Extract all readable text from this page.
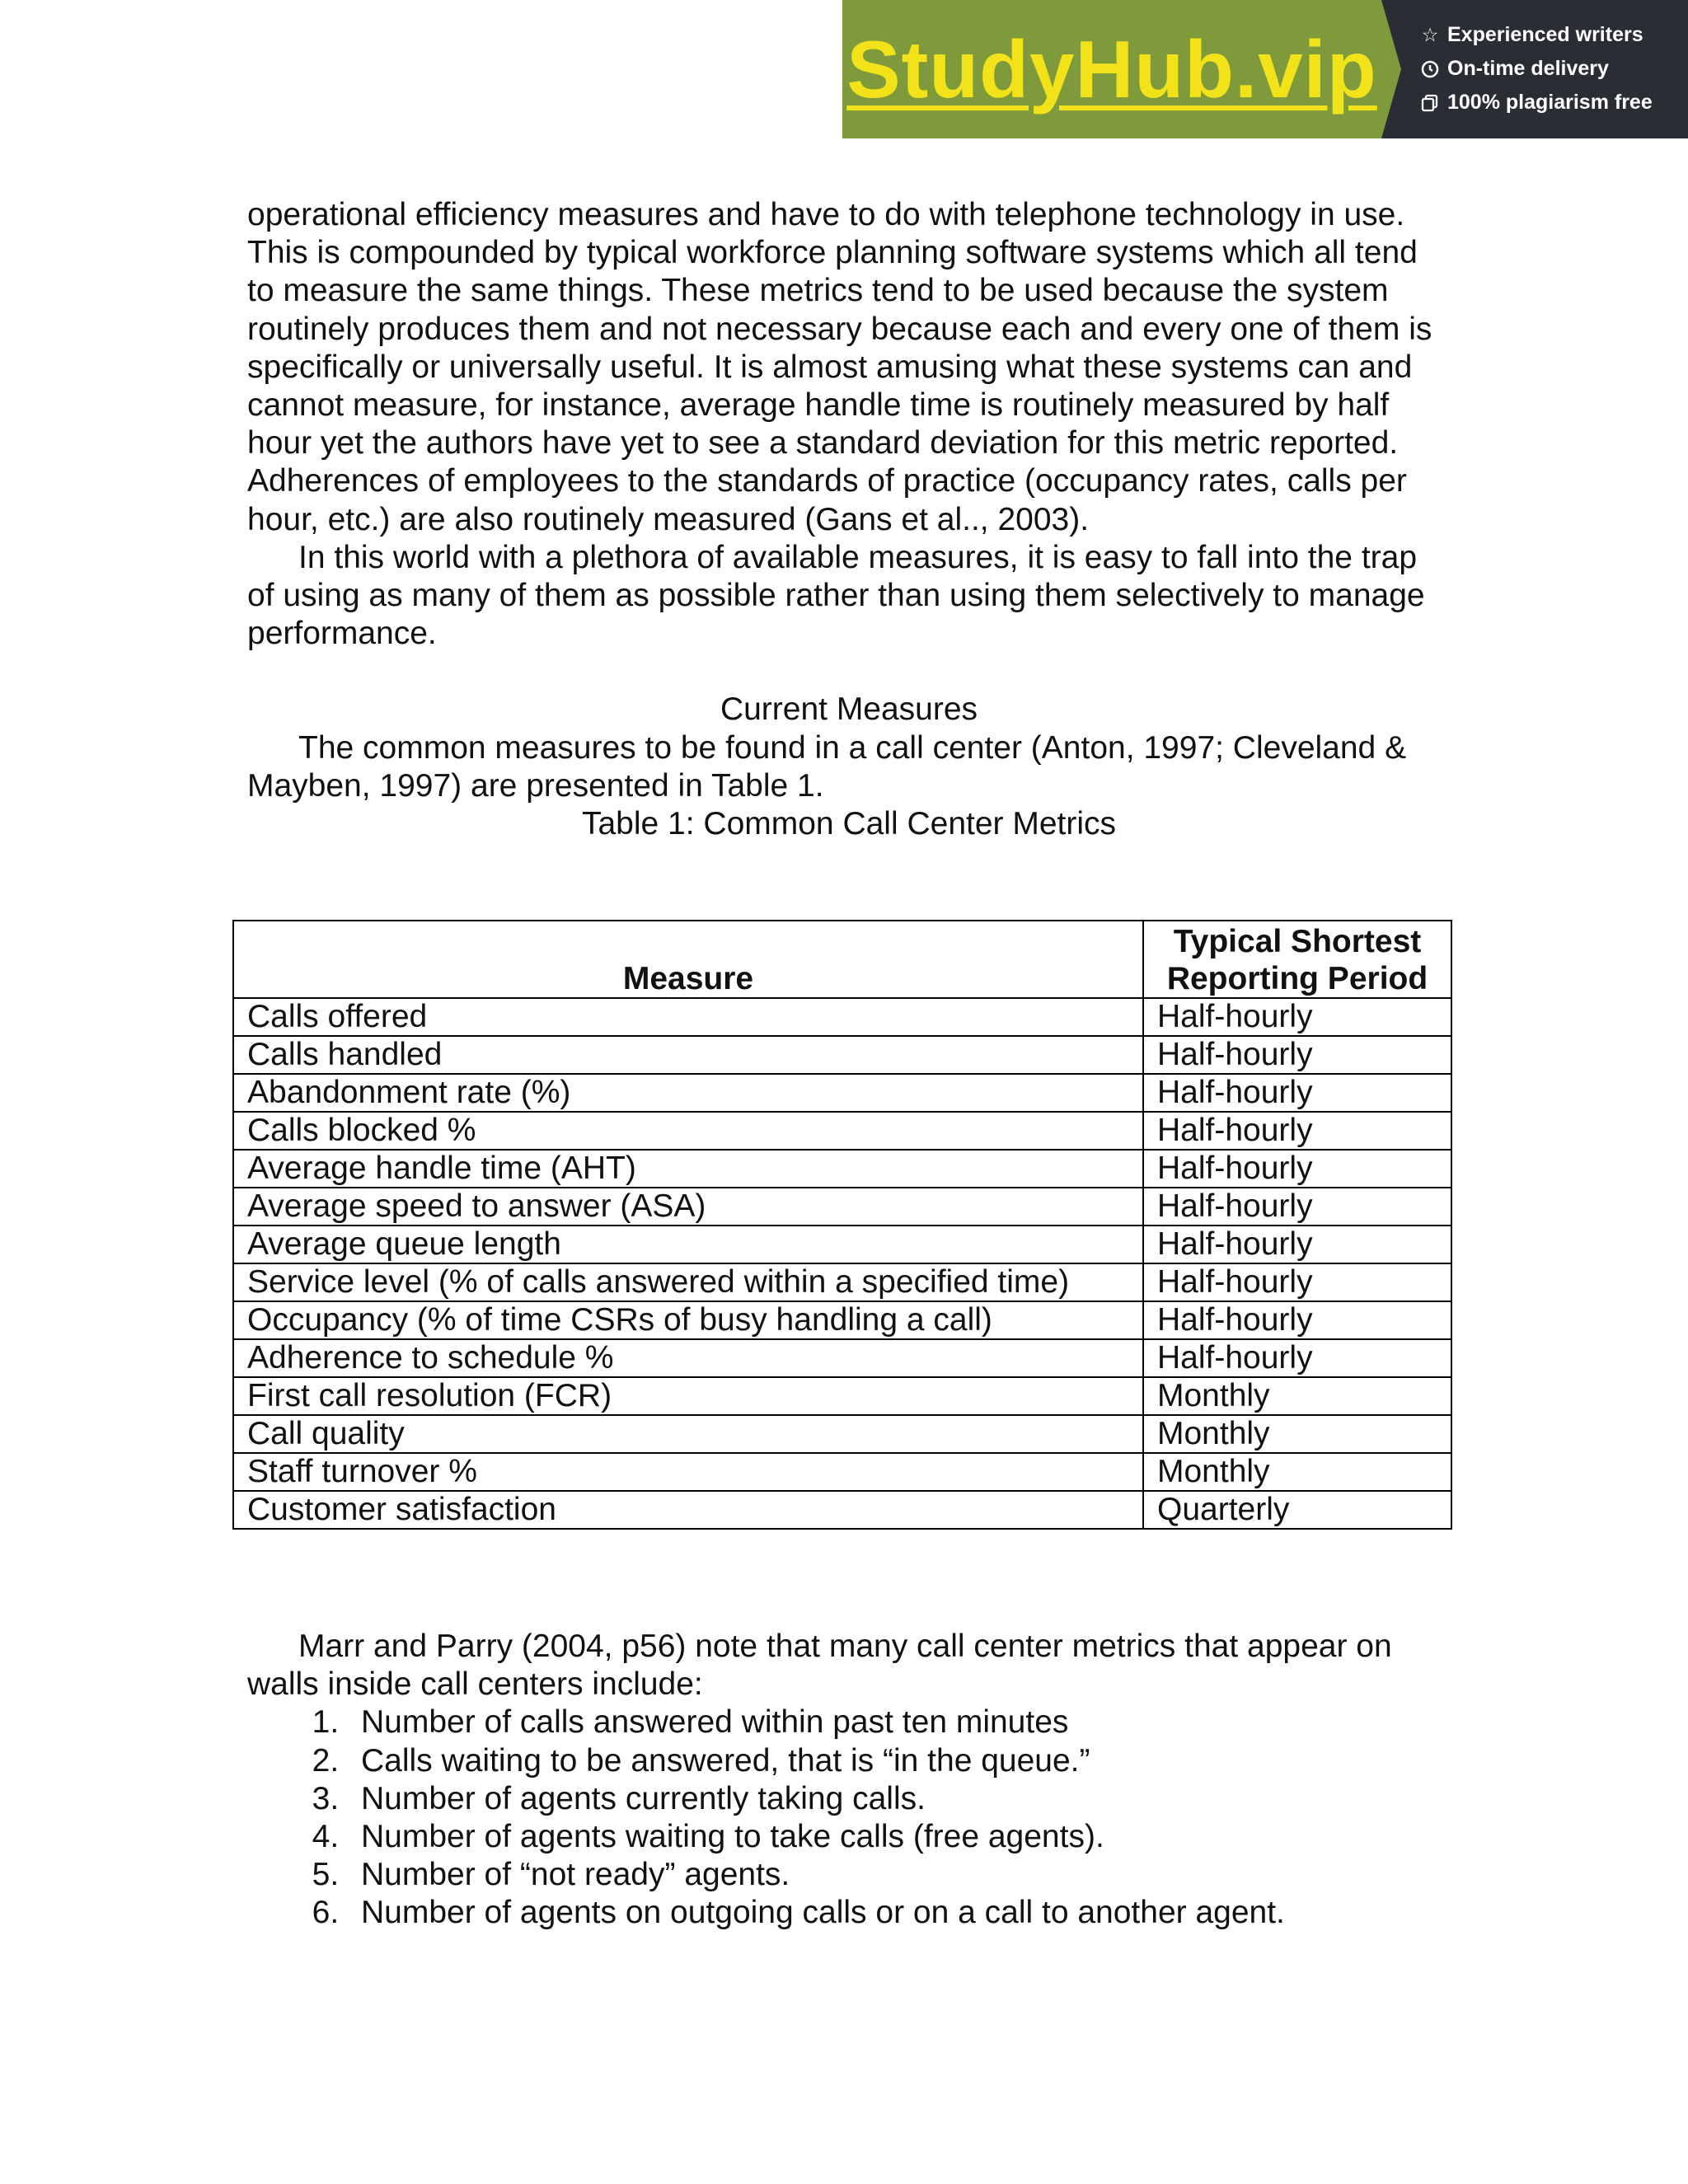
StudyHub.vip ☆ Experienced writers
On-time delivery
100% plagiarism free

operational efficiency measures and have to do with telephone technology in use. This is compounded by typical workforce planning software systems which all tend to measure the same things. These metrics tend to be used because the system routinely produces them and not necessary because each and every one of them is specifically or universally useful. It is almost amusing what these systems can and cannot measure, for instance, average handle time is routinely measured by half hour yet the authors have yet to see a standard deviation for this metric reported. Adherences of employees to the standards of practice (occupancy rates, calls per hour, etc.) are also routinely measured (Gans et al.., 2003).

In this world with a plethora of available measures, it is easy to fall into the trap of using as many of them as possible rather than using them selectively to manage performance.

Current Measures

The common measures to be found in a call center (Anton, 1997; Cleveland & Mayben, 1997) are presented in Table 1.

Table 1: Common Call Center Metrics

Measure	Typical Shortest Reporting Period
Calls offered	Half-hourly
Calls handled	Half-hourly
Abandonment rate (%)	Half-hourly
Calls blocked %	Half-hourly
Average handle time (AHT)	Half-hourly
Average speed to answer (ASA)	Half-hourly
Average queue length	Half-hourly
Service level (% of calls answered within a specified time)	Half-hourly
Occupancy (% of time CSRs of busy handling a call)	Half-hourly
Adherence to schedule %	Half-hourly
First call resolution (FCR)	Monthly
Call quality	Monthly
Staff turnover %	Monthly
Customer satisfaction	Quarterly

Marr and Parry (2004, p56) note that many call center metrics that appear on walls inside call centers include:

1. Number of calls answered within past ten minutes
2. Calls waiting to be answered, that is “in the queue.”
3. Number of agents currently taking calls.
4. Number of agents waiting to take calls (free agents).
5. Number of “not ready” agents.
6. Number of agents on outgoing calls or on a call to another agent.
